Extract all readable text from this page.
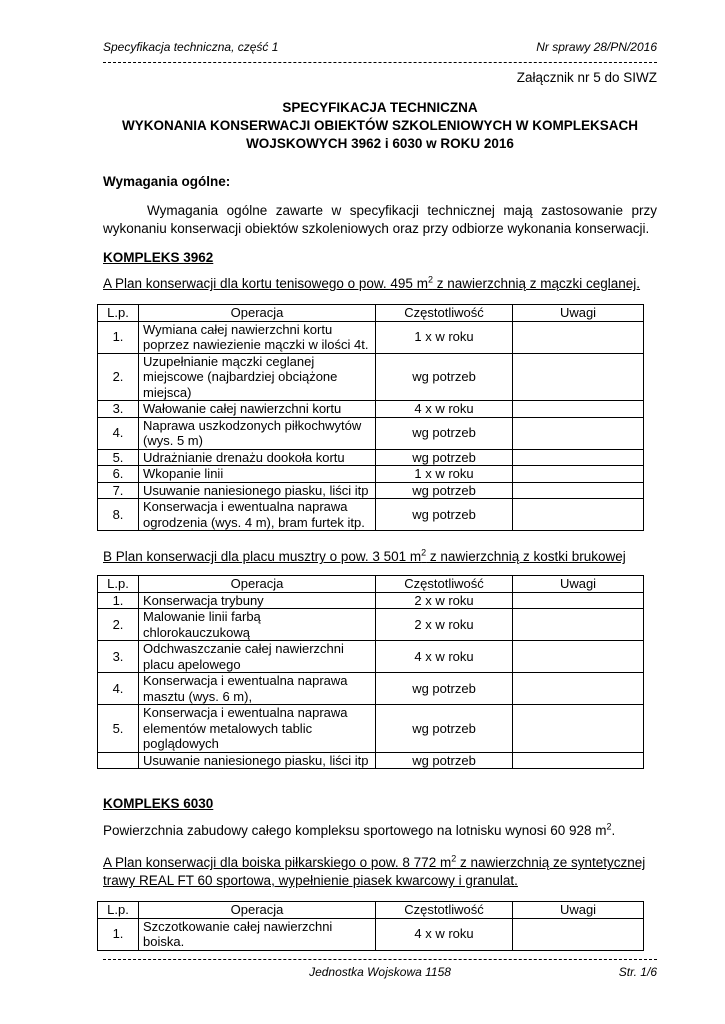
Specyfikacja techniczna, część 1	Nr sprawy 28/PN/2016
Załącznik nr 5 do SIWZ
SPECYFIKACJA TECHNICZNA
WYKONANIA KONSERWACJI OBIEKTÓW SZKOLENIOWYCH W KOMPLEKSACH
WOJSKOWYCH 3962 i 6030 w ROKU 2016
Wymagania ogólne:
Wymagania ogólne zawarte w specyfikacji technicznej mają zastosowanie przy wykonaniu konserwacji obiektów szkoleniowych oraz przy odbiorze wykonania konserwacji.
KOMPLEKS 3962
A Plan konserwacji dla kortu tenisowego o pow. 495 $m^2$ z nawierzchnią z mączki ceglanej.
L.p.	Operacja	Częstotliwość	Uwagi
1.	Wymiana całej nawierzchni kortu poprzez nawiezienie mączki w ilości 4t.	1 x w roku	
2.	Uzupełnianie mączki ceglanej miejscowe (najbardziej obciążone miejsca)	wg potrzeb	
3.	Wałowanie całej nawierzchni kortu	4 x w roku	
4.	Naprawa uszkodzonych piłkochwytów (wys. 5 m)	wg potrzeb	
5.	Udrażnianie drenażu dookoła kortu	wg potrzeb	
6.	Wkopanie linii	1 x w roku	
7.	Usuwanie naniesionego piasku, liści itp	wg potrzeb	
8.	Konserwacja i ewentualna naprawa ogrodzenia (wys. 4 m), bram furtek itp.	wg potrzeb	
B Plan konserwacji dla placu musztry o pow. 3 501 $m^2$ z nawierzchnią z kostki brukowej
L.p.	Operacja	Częstotliwość	Uwagi
1.	Konserwacja trybuny	2 x w roku	
2.	Malowanie linii farbą chlorokauczukową	2 x w roku	
3.	Odchwaszczanie całej nawierzchni placu apelowego	4 x w roku	
4.	Konserwacja i ewentualna naprawa masztu (wys. 6 m),	wg potrzeb	
5.	Konserwacja i ewentualna naprawa elementów metalowych tablic poglądowych	wg potrzeb	
	Usuwanie naniesionego piasku, liści itp	wg potrzeb	
KOMPLEKS 6030
Powierzchnia zabudowy całego kompleksu sportowego na lotnisku wynosi 60 928 $m^2$.
A Plan konserwacji dla boiska piłkarskiego o pow. 8 772 $m^2$ z nawierzchnią ze syntetycznej trawy REAL FT 60 sportowa, wypełnienie piasek kwarcowy i granulat.
L.p.	Operacja	Częstotliwość	Uwagi
1.	Szczotkowanie całej nawierzchni boiska.	4 x w roku	
Jednostka Wojskowa 1158	Str. 1/6
